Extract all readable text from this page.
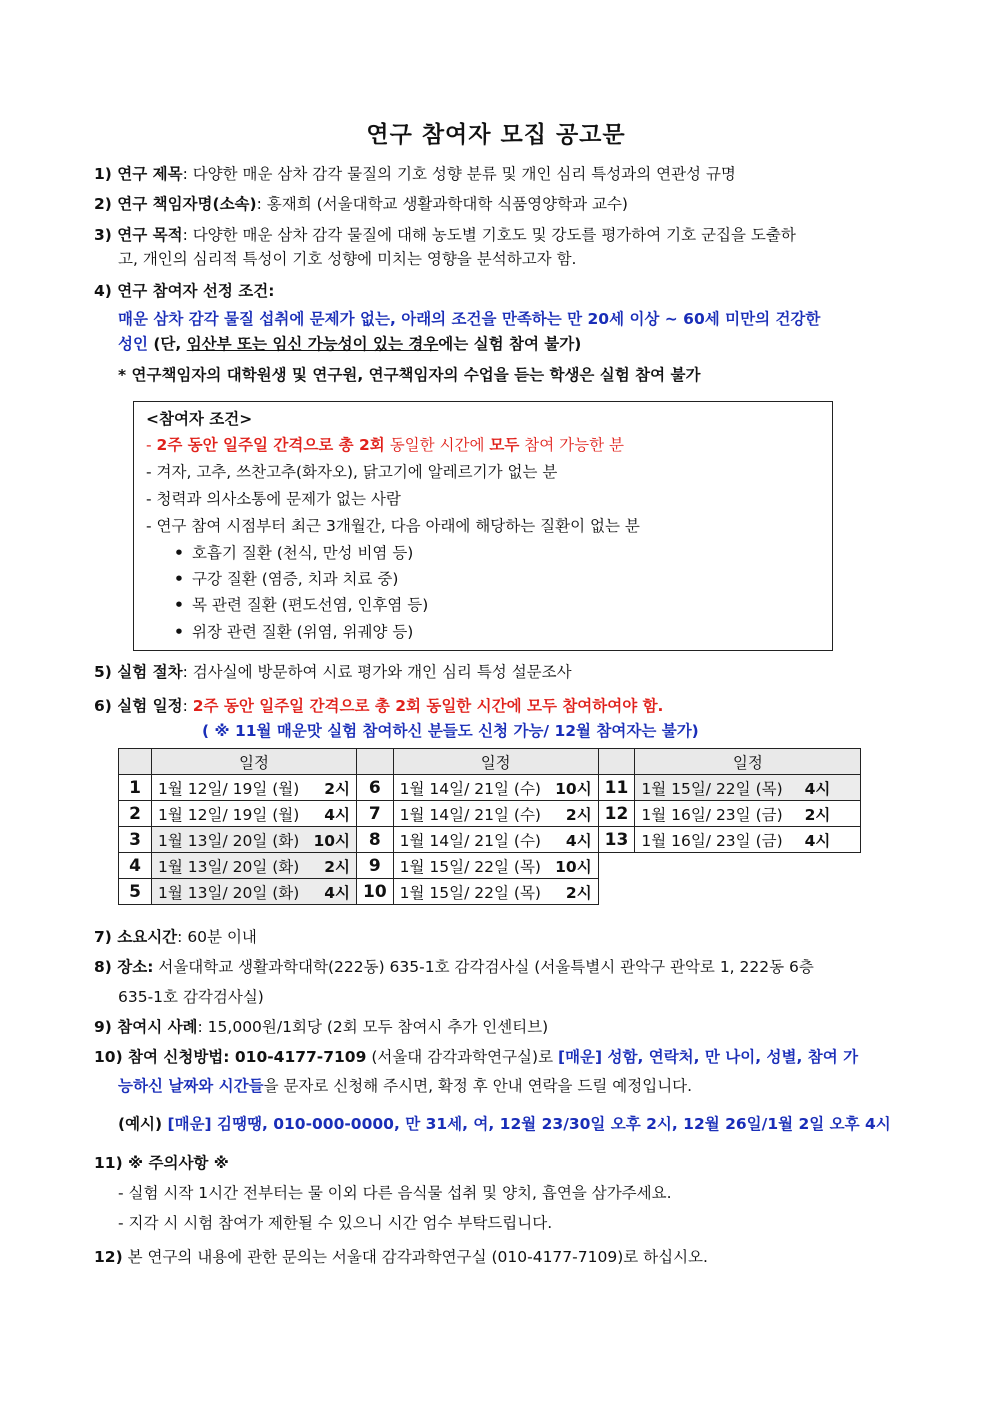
연구 참여자 모집 공고문
1) 연구 제목: 다양한 매운 삼차 감각 물질의 기호 성향 분류 및 개인 심리 특성과의 연관성 규명
2) 연구 책임자명(소속): 홍재희 (서울대학교 생활과학대학 식품영양학과 교수)
3) 연구 목적: 다양한 매운 삼차 감각 물질에 대해 농도별 기호도 및 강도를 평가하여 기호 군집을 도출하
고, 개인의 심리적 특성이 기호 성향에 미치는 영향을 분석하고자 함.
4) 연구 참여자 선정 조건:
매운 삼차 감각 물질 섭취에 문제가 없는, 아래의 조건을 만족하는 만 20세 이상 ~ 60세 미만의 건강한
성인 (단, 임산부 또는 임신 가능성이 있는 경우에는 실험 참여 불가)
* 연구책임자의 대학원생 및 연구원, 연구책임자의 수업을 듣는 학생은 실험 참여 불가
<참여자 조건>
- 2주 동안 일주일 간격으로 총 2회 동일한 시간에 모두 참여 가능한 분
- 겨자, 고추, 쓰찬고추(화자오), 닭고기에 알레르기가 없는 분
- 청력과 의사소통에 문제가 없는 사람
- 연구 참여 시점부터 최근 3개월간, 다음 아래에 해당하는 질환이 없는 분
• 호흡기 질환 (천식, 만성 비염 등)
• 구강 질환 (염증, 치과 치료 중)
• 목 관련 질환 (편도선염, 인후염 등)
• 위장 관련 질환 (위염, 위궤양 등)
5) 실험 절차: 검사실에 방문하여 시료 평가와 개인 심리 특성 설문조사
6) 실험 일정: 2주 동안 일주일 간격으로 총 2회 동일한 시간에 모두 참여하여야 함.
( ※ 11월 매운맛 실험 참여하신 분들도 신청 가능/ 12월 참여자는 불가)
	일정			일정			일정	
1	1월 12일/ 19일 (월)	2시	6	1월 14일/ 21일 (수)	10시	11	1월 15일/ 22일 (목)	4시
2	1월 12일/ 19일 (월)	4시	7	1월 14일/ 21일 (수)	2시	12	1월 16일/ 23일 (금)	2시
3	1월 13일/ 20일 (화)	10시	8	1월 14일/ 21일 (수)	4시	13	1월 16일/ 23일 (금)	4시
4	1월 13일/ 20일 (화)	2시	9	1월 15일/ 22일 (목)	10시			
5	1월 13일/ 20일 (화)	4시	10	1월 15일/ 22일 (목)	2시			
7) 소요시간: 60분 이내
8) 장소: 서울대학교 생활과학대학(222동) 635-1호 감각검사실 (서울특별시 관악구 관악로 1, 222동 6층
635-1호 감각검사실)
9) 참여시 사례: 15,000원/1회당 (2회 모두 참여시 추가 인센티브)
10) 참여 신청방법: 010-4177-7109 (서울대 감각과학연구실)로 [매운] 성함, 연락처, 만 나이, 성별, 참여 가
능하신 날짜와 시간들을 문자로 신청해 주시면, 확정 후 안내 연락을 드릴 예정입니다.
(예시) [매운] 김땡땡, 010-000-0000, 만 31세, 여, 12월 23/30일 오후 2시, 12월 26일/1월 2일 오후 4시
11) ※ 주의사항 ※
- 실험 시작 1시간 전부터는 물 이외 다른 음식물 섭취 및 양치, 흡연을 삼가주세요.
- 지각 시 시험 참여가 제한될 수 있으니 시간 엄수 부탁드립니다.
12) 본 연구의 내용에 관한 문의는 서울대 감각과학연구실 (010-4177-7109)로 하십시오.
